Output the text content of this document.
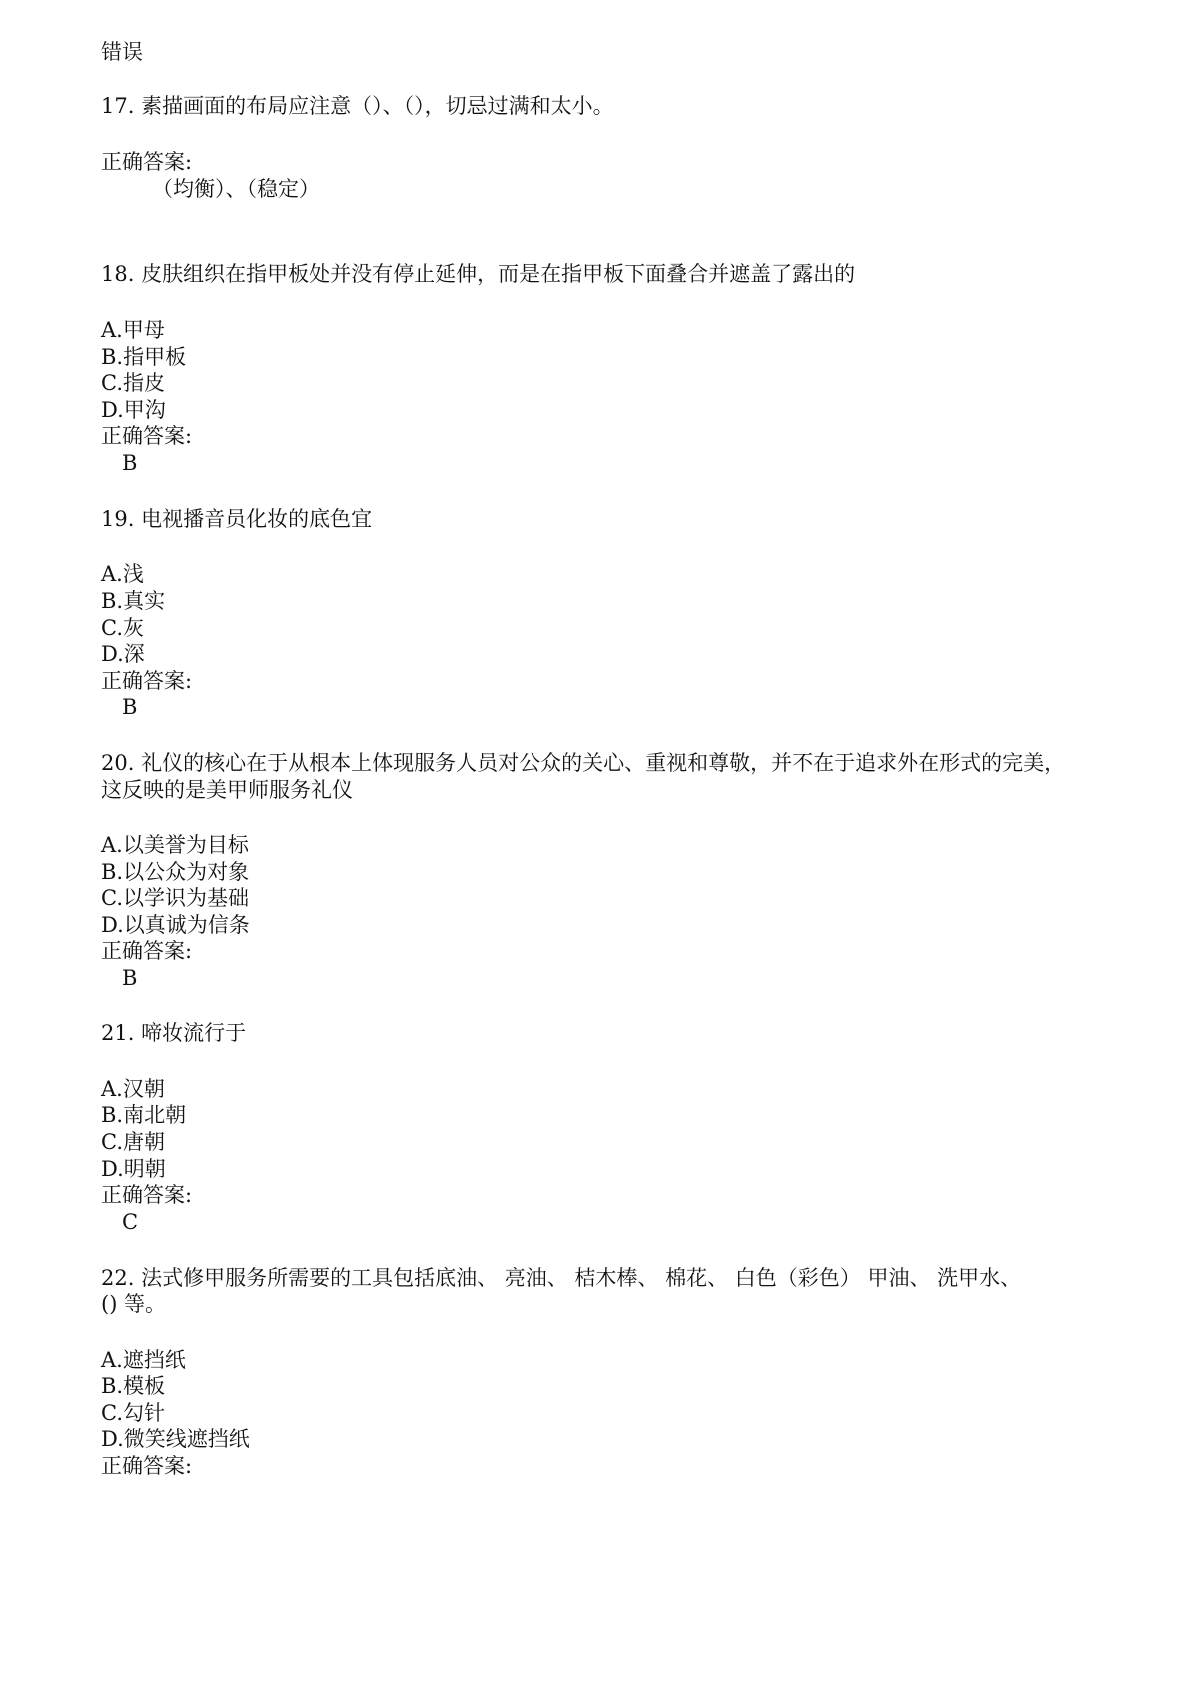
错误
17. 素描画面的布局应注意（）、（），切忌过满和太小。
正确答案:
（均衡）、（稳定）
18. 皮肤组织在指甲板处并没有停止延伸，而是在指甲板下面叠合并遮盖了露出的
A.甲母
B.指甲板
C.指皮
D.甲沟
正确答案:
B
19. 电视播音员化妆的底色宜
A.浅
B.真实
C.灰
D.深
正确答案:
B
20. 礼仪的核心在于从根本上体现服务人员对公众的关心、重视和尊敬，并不在于追求外在形式的完美，
这反映的是美甲师服务礼仪
A.以美誉为目标
B.以公众为对象
C.以学识为基础
D.以真诚为信条
正确答案:
B
21. 啼妆流行于
A.汉朝
B.南北朝
C.唐朝
D.明朝
正确答案:
C
22. 法式修甲服务所需要的工具包括底油、 亮油、 桔木棒、 棉花、 白色（彩色） 甲油、 洗甲水、
() 等。
A.遮挡纸
B.模板
C.勾针
D.微笑线遮挡纸
正确答案:
